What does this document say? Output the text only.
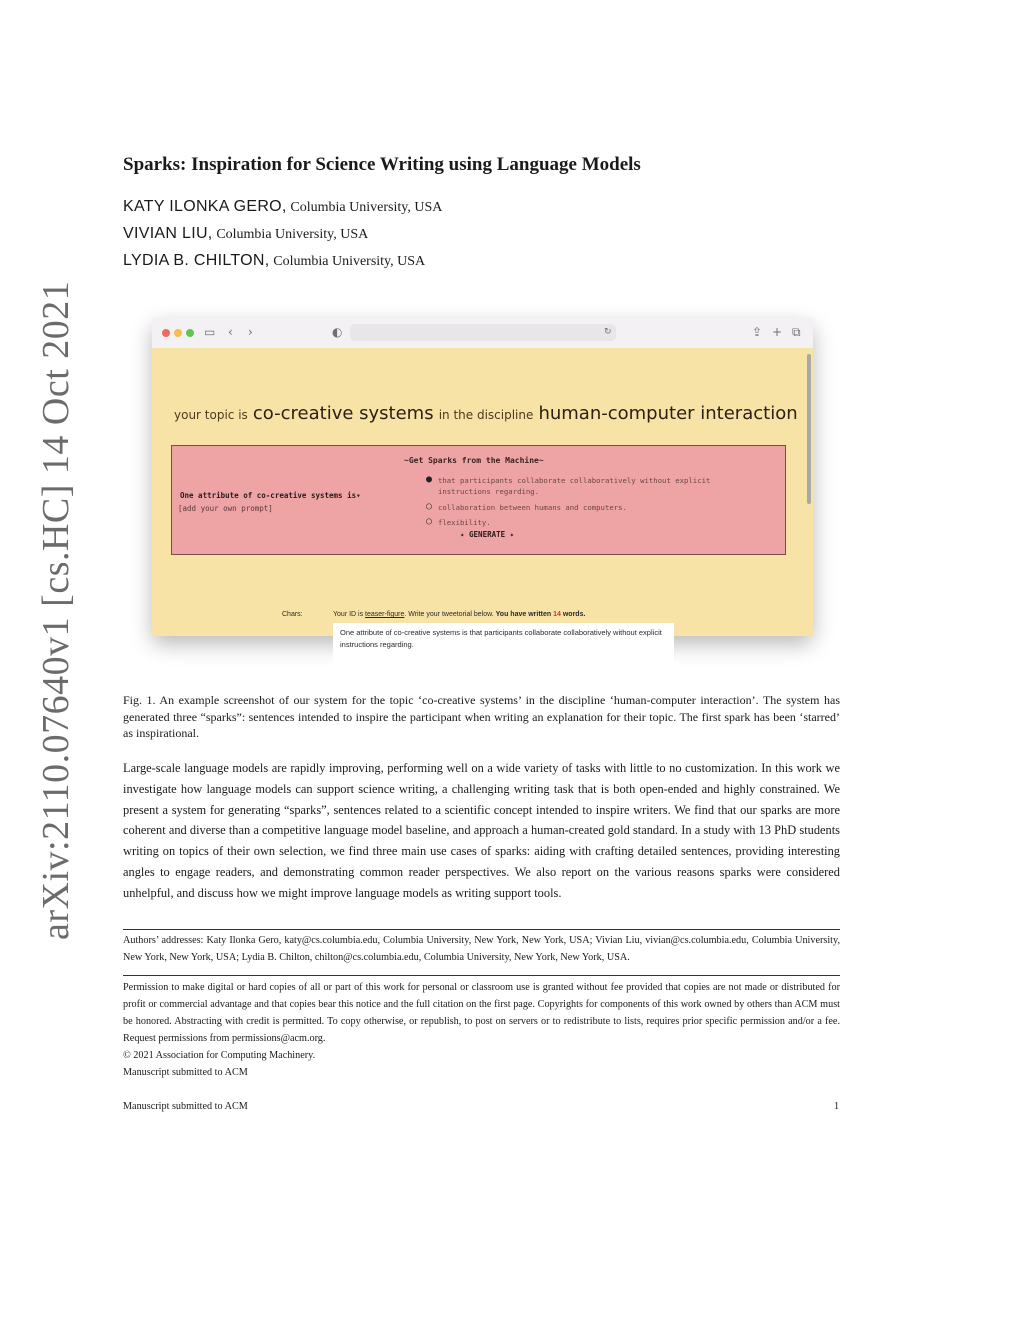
arXiv:2110.07640v1 [cs.HC] 14 Oct 2021
Sparks: Inspiration for Science Writing using Language Models
KATY ILONKA GERO, Columbia University, USA
VIVIAN LIU, Columbia University, USA
LYDIA B. CHILTON, Columbia University, USA
▭ ‹ ›	◐	↻	⇪ + ⧉
your topic is co-creative systems in the discipline human-computer interaction
~Get Sparks from the Machine~
One attribute of co-creative systems is▾
[add your own prompt]
● that participants collaborate collaboratively without explicit
instructions regarding.
○ collaboration between humans and computers.
○ flexibility.
✦ GENERATE ✦
Chars:	Your ID is teaser-figure. Write your tweetorial below. You have written 14 words.
One attribute of co-creative systems is that participants collaborate collaboratively without explicit instructions regarding.
Fig. 1. An example screenshot of our system for the topic ‘co-creative systems’ in the discipline ‘human-computer interaction’. The system has generated three “sparks”: sentences intended to inspire the participant when writing an explanation for their topic. The first spark has been ‘starred’ as inspirational.
Large-scale language models are rapidly improving, performing well on a wide variety of tasks with little to no customization. In this work we investigate how language models can support science writing, a challenging writing task that is both open-ended and highly constrained. We present a system for generating “sparks”, sentences related to a scientific concept intended to inspire writers. We find that our sparks are more coherent and diverse than a competitive language model baseline, and approach a human-created gold standard. In a study with 13 PhD students writing on topics of their own selection, we find three main use cases of sparks: aiding with crafting detailed sentences, providing interesting angles to engage readers, and demonstrating common reader perspectives. We also report on the various reasons sparks were considered unhelpful, and discuss how we might improve language models as writing support tools.
Authors’ addresses: Katy Ilonka Gero, katy@cs.columbia.edu, Columbia University, New York, New York, USA; Vivian Liu, vivian@cs.columbia.edu, Columbia University, New York, New York, USA; Lydia B. Chilton, chilton@cs.columbia.edu, Columbia University, New York, New York, USA.
Permission to make digital or hard copies of all or part of this work for personal or classroom use is granted without fee provided that copies are not made or distributed for profit or commercial advantage and that copies bear this notice and the full citation on the first page. Copyrights for components of this work owned by others than ACM must be honored. Abstracting with credit is permitted. To copy otherwise, or republish, to post on servers or to redistribute to lists, requires prior specific permission and/or a fee. Request permissions from permissions@acm.org.
© 2021 Association for Computing Machinery.
Manuscript submitted to ACM
Manuscript submitted to ACM	1
